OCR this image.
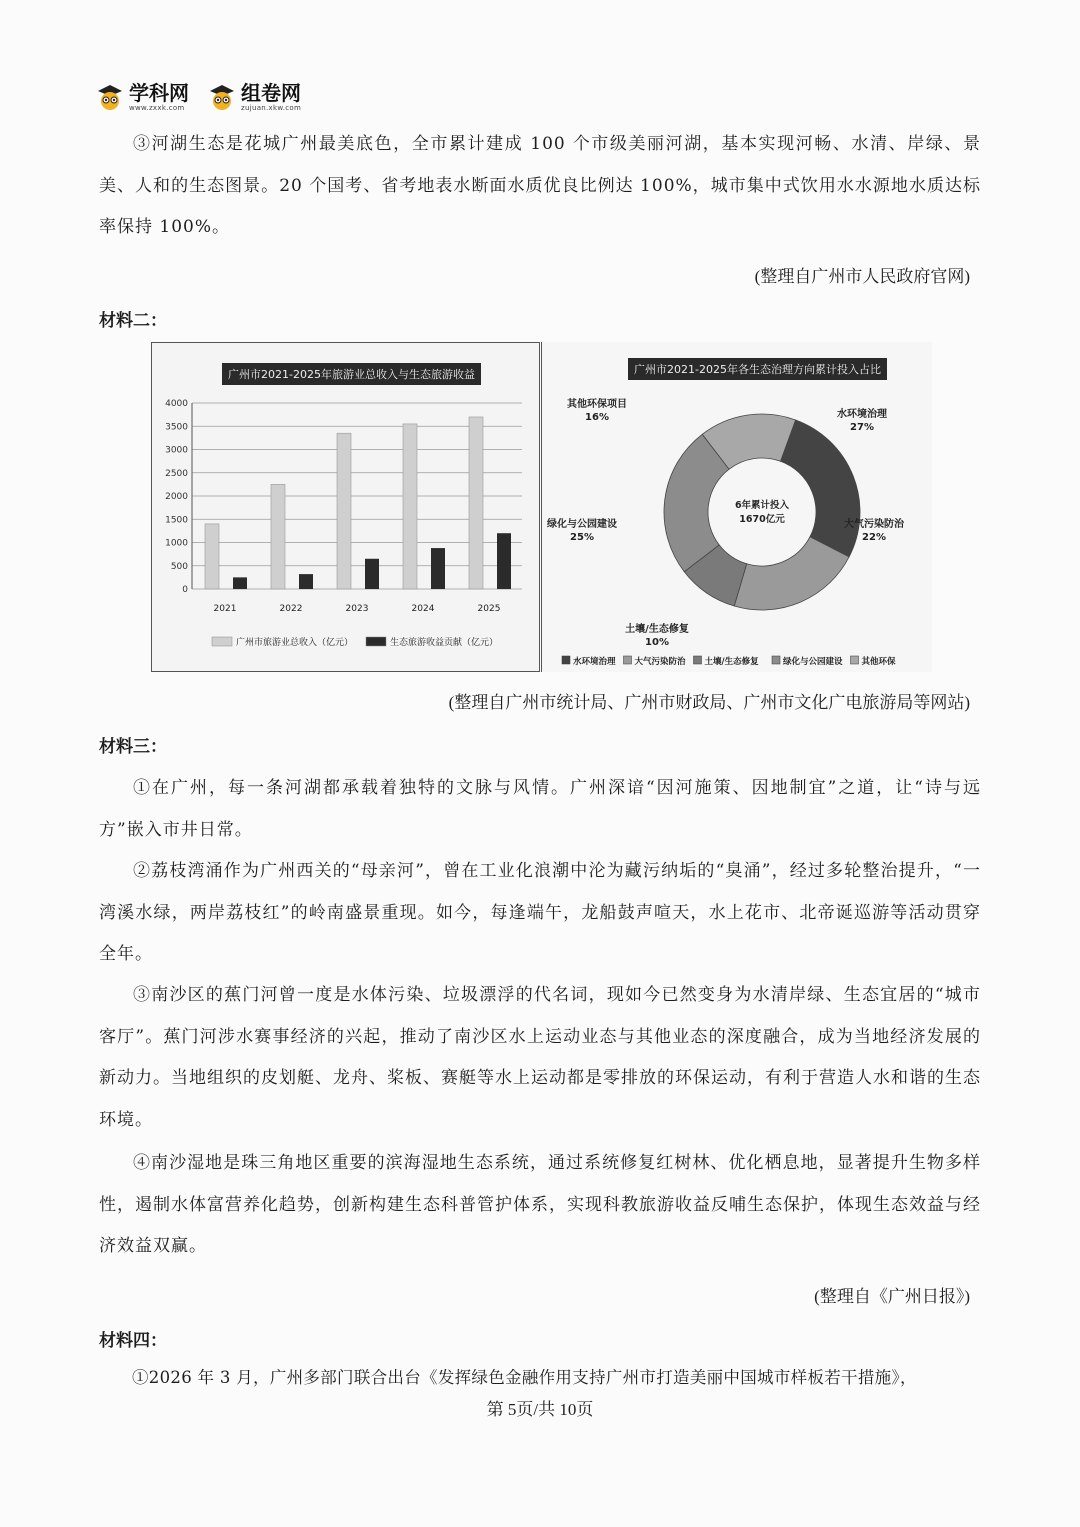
学科网
www.zxxk.com
组卷网
zujuan.xkw.com

③河湖生态是花城广州最美底色，全市累计建成 100 个市级美丽河湖，基本实现河畅、水清、岸绿、景美、人和的生态图景。20 个国考、省考地表水断面水质优良比例达 100%，城市集中式饮用水水源地水质达标率保持 100%。

(整理自广州市人民政府官网)
材料二：
广州市2021-2025年旅游业总收入与生态旅游收益
0
500
1000
1500
2000
2500
3000
3500
4000
2021	2022	2023	2024	2025
广州市旅游业总收入（亿元）	生态旅游收益贡献（亿元）
广州市2021-2025年各生态治理方向累计投入占比
水环境治理
27%
大气污染防治
22%
土壤/生态修复
10%
绿化与公园建设
25%
其他环保项目
16%
6年累计投入
1670亿元
水环境治理 大气污染防治 土壤/生态修复	绿化与公园建设 其他环保
(整理自广州市统计局、广州市财政局、广州市文化广电旅游局等网站)
材料三：

①在广州，每一条河湖都承载着独特的文脉与风情。广州深谙“因河施策、因地制宜”之道，让“诗与远方”嵌入市井日常。

②荔枝湾涌作为广州西关的“母亲河”，曾在工业化浪潮中沦为藏污纳垢的“臭涌”，经过多轮整治提升，“一湾溪水绿，两岸荔枝红”的岭南盛景重现。如今，每逢端午，龙船鼓声喧天，水上花市、北帝诞巡游等活动贯穿全年。

③南沙区的蕉门河曾一度是水体污染、垃圾漂浮的代名词，现如今已然变身为水清岸绿、生态宜居的“城市客厅”。蕉门河涉水赛事经济的兴起，推动了南沙区水上运动业态与其他业态的深度融合，成为当地经济发展的新动力。当地组织的皮划艇、龙舟、桨板、赛艇等水上运动都是零排放的环保运动，有利于营造人水和谐的生态环境。

④南沙湿地是珠三角地区重要的滨海湿地生态系统，通过系统修复红树林、优化栖息地，显著提升生物多样性，遏制水体富营养化趋势，创新构建生态科普管护体系，实现科教旅游收益反哺生态保护，体现生态效益与经济效益双赢。

(整理自《广州日报》)
材料四：

①2026 年 3 月，广州多部门联合出台《发挥绿色金融作用支持广州市打造美丽中国城市样板若干措施》，

第 5页/共 10页
